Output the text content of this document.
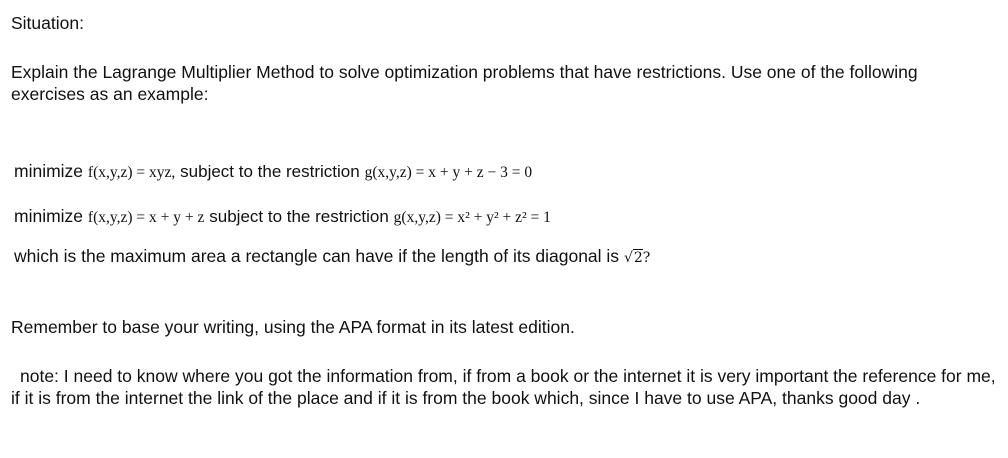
Situation:
Explain the Lagrange Multiplier Method to solve optimization problems that have restrictions. Use one of the following exercises as an example:
minimize f(x,y,z) = xyz, subject to the restriction g(x,y,z) = x + y + z − 3 = 0
minimize f(x,y,z) = x + y + z subject to the restriction g(x,y,z) = x² + y² + z² = 1
which is the maximum area a rectangle can have if the length of its diagonal is √2?
Remember to base your writing, using the APA format in its latest edition.
note: I need to know where you got the information from, if from a book or the internet it is very important the reference for me, if it is from the internet the link of the place and if it is from the book which, since I have to use APA, thanks good day .
